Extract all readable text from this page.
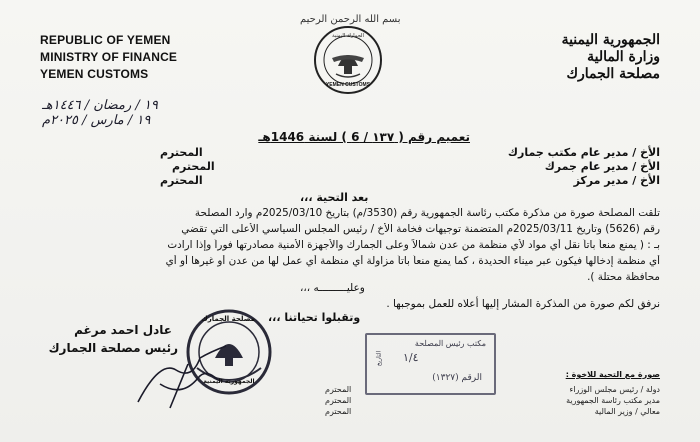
بسم الله الرحمن الرحيم
REPUBLIC OF YEMEN
MINISTRY OF FINANCE
YEMEN CUSTOMS
الجمهورية اليمنية
وزارة المالية
مصلحة الجمارك
الجمارك اليمنية
YEMEN CUSTOMS
١٩ / رمضان / ١٤٤٦هـ
١٩ / مارس / ٢٠٢٥م
تعميم رقم ( ١٣٧ / 6 ) لسنة 1446هـ
الأخ / مدير عام مكتب جمارك
المحترم
الأخ / مدير عام جمرك
المحترم
الأخ / مدير مركز
المحترم
بعد التحية ،،،
تلقت المصلحة صورة من مذكرة مكتب رئاسة الجمهورية رقم (3530/م) بتاريخ 2025/03/10م وارد المصلحة
رقم (5626) وتاريخ 2025/03/11م المتضمنة توجيهات فخامة الأخ / رئيس المجلس السياسي الأعلى التي تقضي
بـ : ( يمنع منعاً باتاً نقل أي مواد لأي منظمة من عدن شمالاً وعلى الجمارك والأجهزة الأمنية مصادرتها فوراً وإذا ارادت
أي منظمة إدخالها فيكون عبر ميناء الحديدة ، كما يمنع منعاً باتاً مزاولة أي منظمة أي عمل لها من عدن أو غيرها أو أي
محافظة محتلة ).
وعليـــــــــه ،،،
نرفق لكم صورة من المذكرة المشار إليها أعلاه للعمل بموجبها .
وتقبلوا تحياتنا ،،،
عادل احمد مرغم
رئيس مصلحة الجمارك
مصلحة الجمارك
الجمهورية اليمنية
مكتب رئيس المصلحة
١/٤
الرقم (١٣٢٧)
التاريخ
صورة مع التحية للاخوة :
دولة / رئيس مجلس الوزراء
المحترم
مدير مكتب رئاسة الجمهورية
المحترم
معالي / وزير المالية
المحترم
